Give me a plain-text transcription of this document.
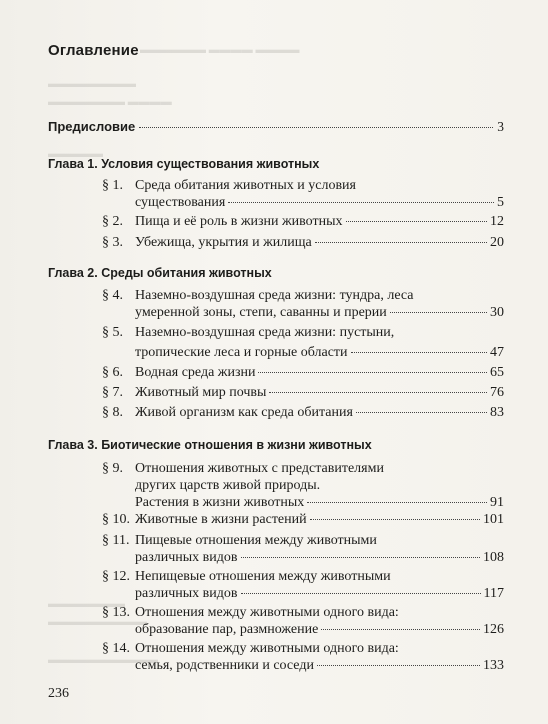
▬▬▬▬▬▬ ▬▬▬▬ ▬▬▬▬
▬▬▬▬▬▬▬▬
▬▬▬▬▬▬▬ ▬▬▬▬
▬▬▬▬▬
▬▬▬▬▬▬▬
▬▬▬▬▬▬▬▬▬
▬▬▬▬▬▬▬▬▬▬
Оглавление
Предисловие	3
Глава 1. Условия существования животных
§ 1. Среда обитания животных и условия
существования	5
§ 2. Пища и её роль в жизни животных	12
§ 3. Убежища, укрытия и жилища	20
Глава 2. Среды обитания животных
§ 4. Наземно-воздушная среда жизни: тундра, леса
умеренной зоны, степи, саванны и прерии	30
§ 5. Наземно-воздушная среда жизни: пустыни,
тропические леса и горные области	47
§ 6. Водная среда жизни	65
§ 7. Животный мир почвы	76
§ 8. Живой организм как среда обитания	83
Глава 3. Биотические отношения в жизни животных
§ 9. Отношения животных с представителями
других царств живой природы.
Растения в жизни животных	91
§ 10. Животные в жизни растений	101
§ 11. Пищевые отношения между животными
различных видов	108
§ 12. Непищевые отношения между животными
различных видов	117
§ 13. Отношения между животными одного вида:
образование пар, размножение	126
§ 14. Отношения между животными одного вида:
семья, родственники и соседи	133
236
